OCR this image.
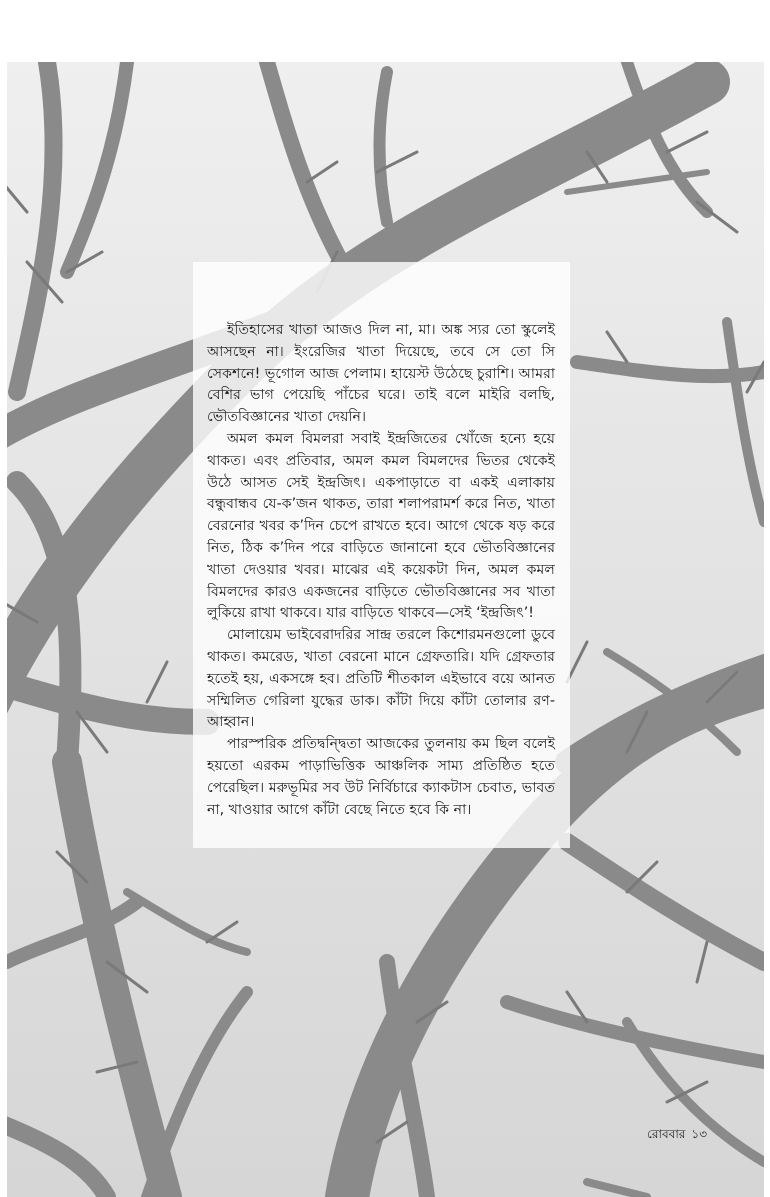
ইতিহাসের খাতা আজও দিল না, মা। অঙ্ক স্যর তো স্কুলেই আসছেন না। ইংরেজির খাতা দিয়েছে, তবে সে তো সি সেকশনে! ভূগোল আজ পেলাম। হায়েস্ট উঠেছে চুরাশি। আমরা বেশির ভাগ পেয়েছি পাঁচের ঘরে। তাই বলে মাইরি বলছি, ভৌতবিজ্ঞানের খাতা দেয়নি।

অমল কমল বিমলরা সবাই ইন্দ্রজিতের খোঁজে হন্যে হয়ে থাকত। এবং প্রতিবার, অমল কমল বিমলদের ভিতর থেকেই উঠে আসত সেই ইন্দ্রজিৎ। একপাড়াতে বা একই এলাকায় বন্ধুবান্ধব যে-ক’জন থাকত, তারা শলাপরামর্শ করে নিত, খাতা বেরনোর খবর ক’দিন চেপে রাখতে হবে। আগে থেকে ষড় করে নিত, ঠিক ক’দিন পরে বাড়িতে জানানো হবে ভৌতবিজ্ঞানের খাতা দেওয়ার খবর। মাঝের এই কয়েকটা দিন, অমল কমল বিমলদের কারও একজনের বাড়িতে ভৌতবিজ্ঞানের সব খাতা লুকিয়ে রাখা থাকবে। যার বাড়িতে থাকবে—সেই ‘ইন্দ্রজিৎ’!

মোলায়েম ভাইবেরাদরির সান্দ্র তরলে কিশোরমনগুলো ডুবে থাকত। কমরেড, খাতা বেরনো মানে গ্রেফতারি। যদি গ্রেফতার হতেই হয়, একসঙ্গে হব। প্রতিটি শীতকাল এইভাবে বয়ে আনত সম্মিলিত গেরিলা যুদ্ধের ডাক। কাঁটা দিয়ে কাঁটা তোলার রণ-আহ্বান।

পারস্পরিক প্রতিদ্বন্দ্বিতা আজকের তুলনায় কম ছিল বলেই হয়তো এরকম পাড়াভিত্তিক আঞ্চলিক সাম্য প্রতিষ্ঠিত হতে পেরেছিল। মরুভূমির সব উট নির্বিচারে ক্যাকটাস চেবাত, ভাবত না, খাওয়ার আগে কাঁটা বেছে নিতে হবে কি না।

রোববার ১৩
